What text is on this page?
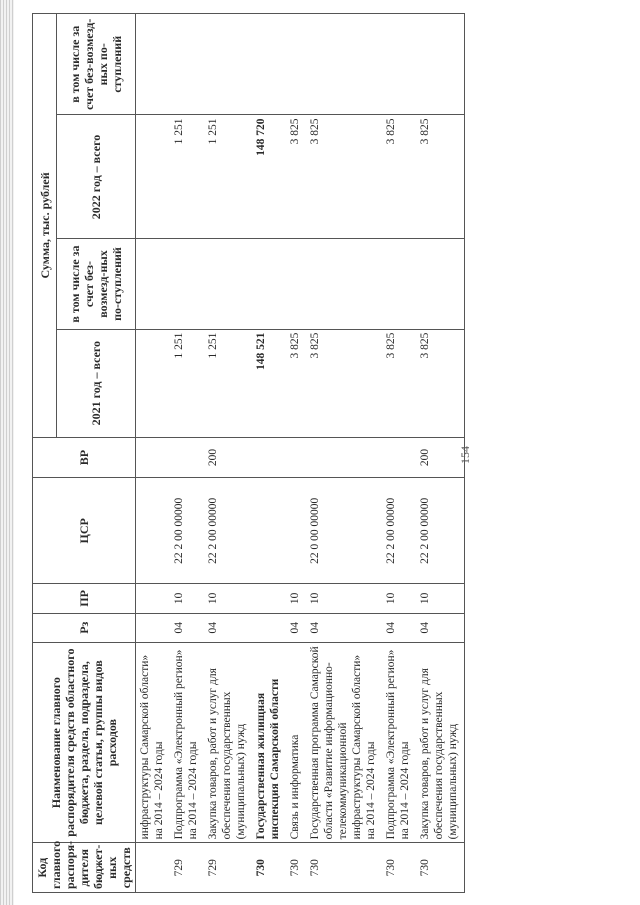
154
Код главного распоря-дителя бюджет-ных средств	Наименование главного распорядителя средств областного бюджета, раздела, подраздела, целевой статьи, группы видов расходов	Рз	ПР	ЦСР	ВР	Сумма, тыс. рублей			
						2021 год – всего	в том числе за счет без-возмезд-ных по-ступлений	2022 год – всего	в том числе за счет без-возмезд-ных по-ступлений
	инфраструктуры Самарской области» на 2014 – 2024 годы								
729	Подпрограмма «Электронный регион» на 2014 – 2024 годы	04	10	22 2 00 00000		1 251		1 251	
729	Закупка товаров, работ и услуг для обеспечения государственных (муниципальных) нужд	04	10	22 2 00 00000	200	1 251		1 251	
730	Государственная жилищная инспекция Самарской области					148 521		148 720	
730	Связь и информатика	04	10			3 825		3 825	
730	Государственная программа Самарской области «Развитие информационно-телекоммуникационной инфраструктуры Самарской области» на 2014 – 2024 годы	04	10	22 0 00 00000		3 825		3 825	
730	Подпрограмма «Электронный регион» на 2014 – 2024 годы	04	10	22 2 00 00000		3 825		3 825	
730	Закупка товаров, работ и услуг для обеспечения государственных (муниципальных) нужд	04	10	22 2 00 00000	200	3 825		3 825	
